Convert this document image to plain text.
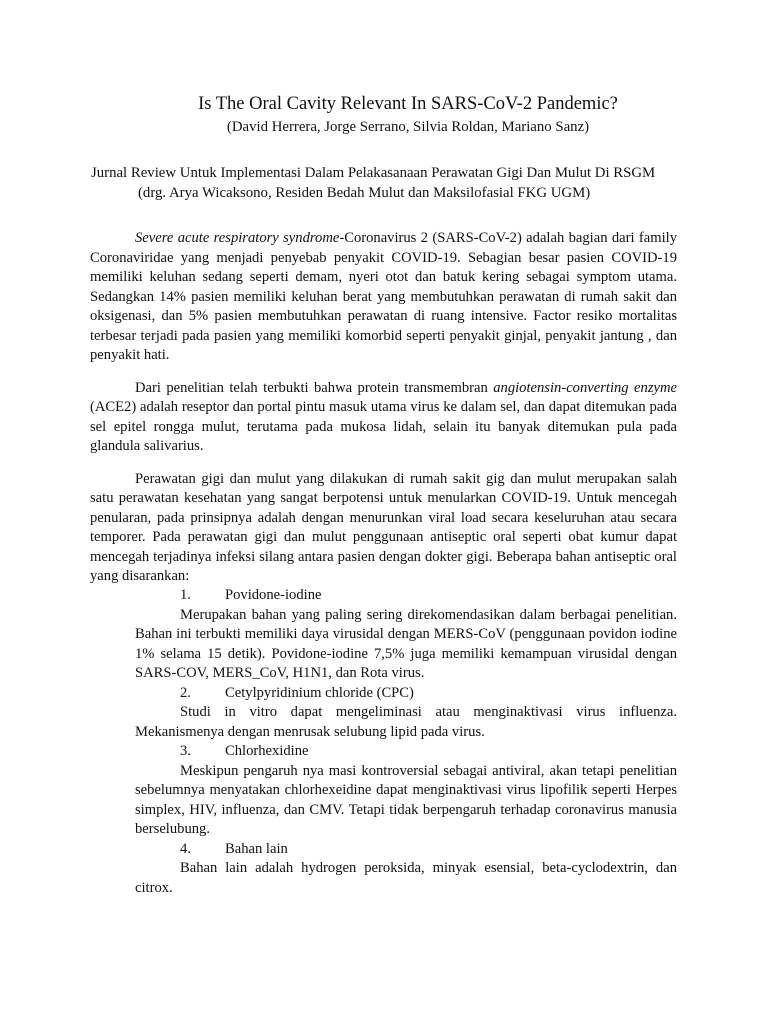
Is The Oral Cavity Relevant In SARS-CoV-2 Pandemic?
(David Herrera, Jorge Serrano, Silvia Roldan, Mariano Sanz)
Jurnal Review Untuk Implementasi Dalam Pelakasanaan Perawatan Gigi Dan Mulut Di RSGM
(drg. Arya Wicaksono, Residen Bedah Mulut dan Maksilofasial FKG UGM)

Severe acute respiratory syndrome-Coronavirus 2 (SARS-CoV-2) adalah bagian dari family Coronaviridae yang menjadi penyebab penyakit COVID-19. Sebagian besar pasien COVID-19 memiliki keluhan sedang seperti demam, nyeri otot dan batuk kering sebagai symptom utama. Sedangkan 14% pasien memiliki keluhan berat yang membutuhkan perawatan di rumah sakit dan oksigenasi, dan 5% pasien membutuhkan perawatan di ruang intensive. Factor resiko mortalitas terbesar terjadi pada pasien yang memiliki komorbid seperti penyakit ginjal, penyakit jantung , dan penyakit hati.

Dari penelitian telah terbukti bahwa protein transmembran angiotensin-converting enzyme (ACE2) adalah reseptor dan portal pintu masuk utama virus ke dalam sel, dan dapat ditemukan pada sel epitel rongga mulut, terutama pada mukosa lidah, selain itu banyak ditemukan pula pada glandula salivarius.

Perawatan gigi dan mulut yang dilakukan di rumah sakit gig dan mulut merupakan salah satu perawatan kesehatan yang sangat berpotensi untuk menularkan COVID-19. Untuk mencegah penularan, pada prinsipnya adalah dengan menurunkan viral load secara keseluruhan atau secara temporer. Pada perawatan gigi dan mulut penggunaan antiseptic oral seperti obat kumur dapat mencegah terjadinya infeksi silang antara pasien dengan dokter gigi. Beberapa bahan antiseptic oral yang disarankan:

1. Povidone-iodine

Merupakan bahan yang paling sering direkomendasikan dalam berbagai penelitian. Bahan ini terbukti memiliki daya virusidal dengan MERS-CoV (penggunaan povidon iodine 1% selama 15 detik). Povidone-iodine 7,5% juga memiliki kemampuan virusidal dengan SARS-COV, MERS_CoV, H1N1, dan Rota virus.

2. Cetylpyridinium chloride (CPC)

Studi in vitro dapat mengeliminasi atau menginaktivasi virus influenza. Mekanismenya dengan menrusak selubung lipid pada virus.

3. Chlorhexidine

Meskipun pengaruh nya masi kontroversial sebagai antiviral, akan tetapi penelitian sebelumnya menyatakan chlorhexeidine dapat menginaktivasi virus lipofilik seperti Herpes simplex, HIV, influenza, dan CMV. Tetapi tidak berpengaruh terhadap coronavirus manusia berselubung.

4. Bahan lain

Bahan lain adalah hydrogen peroksida, minyak esensial, beta-cyclodextrin, dan citrox.
